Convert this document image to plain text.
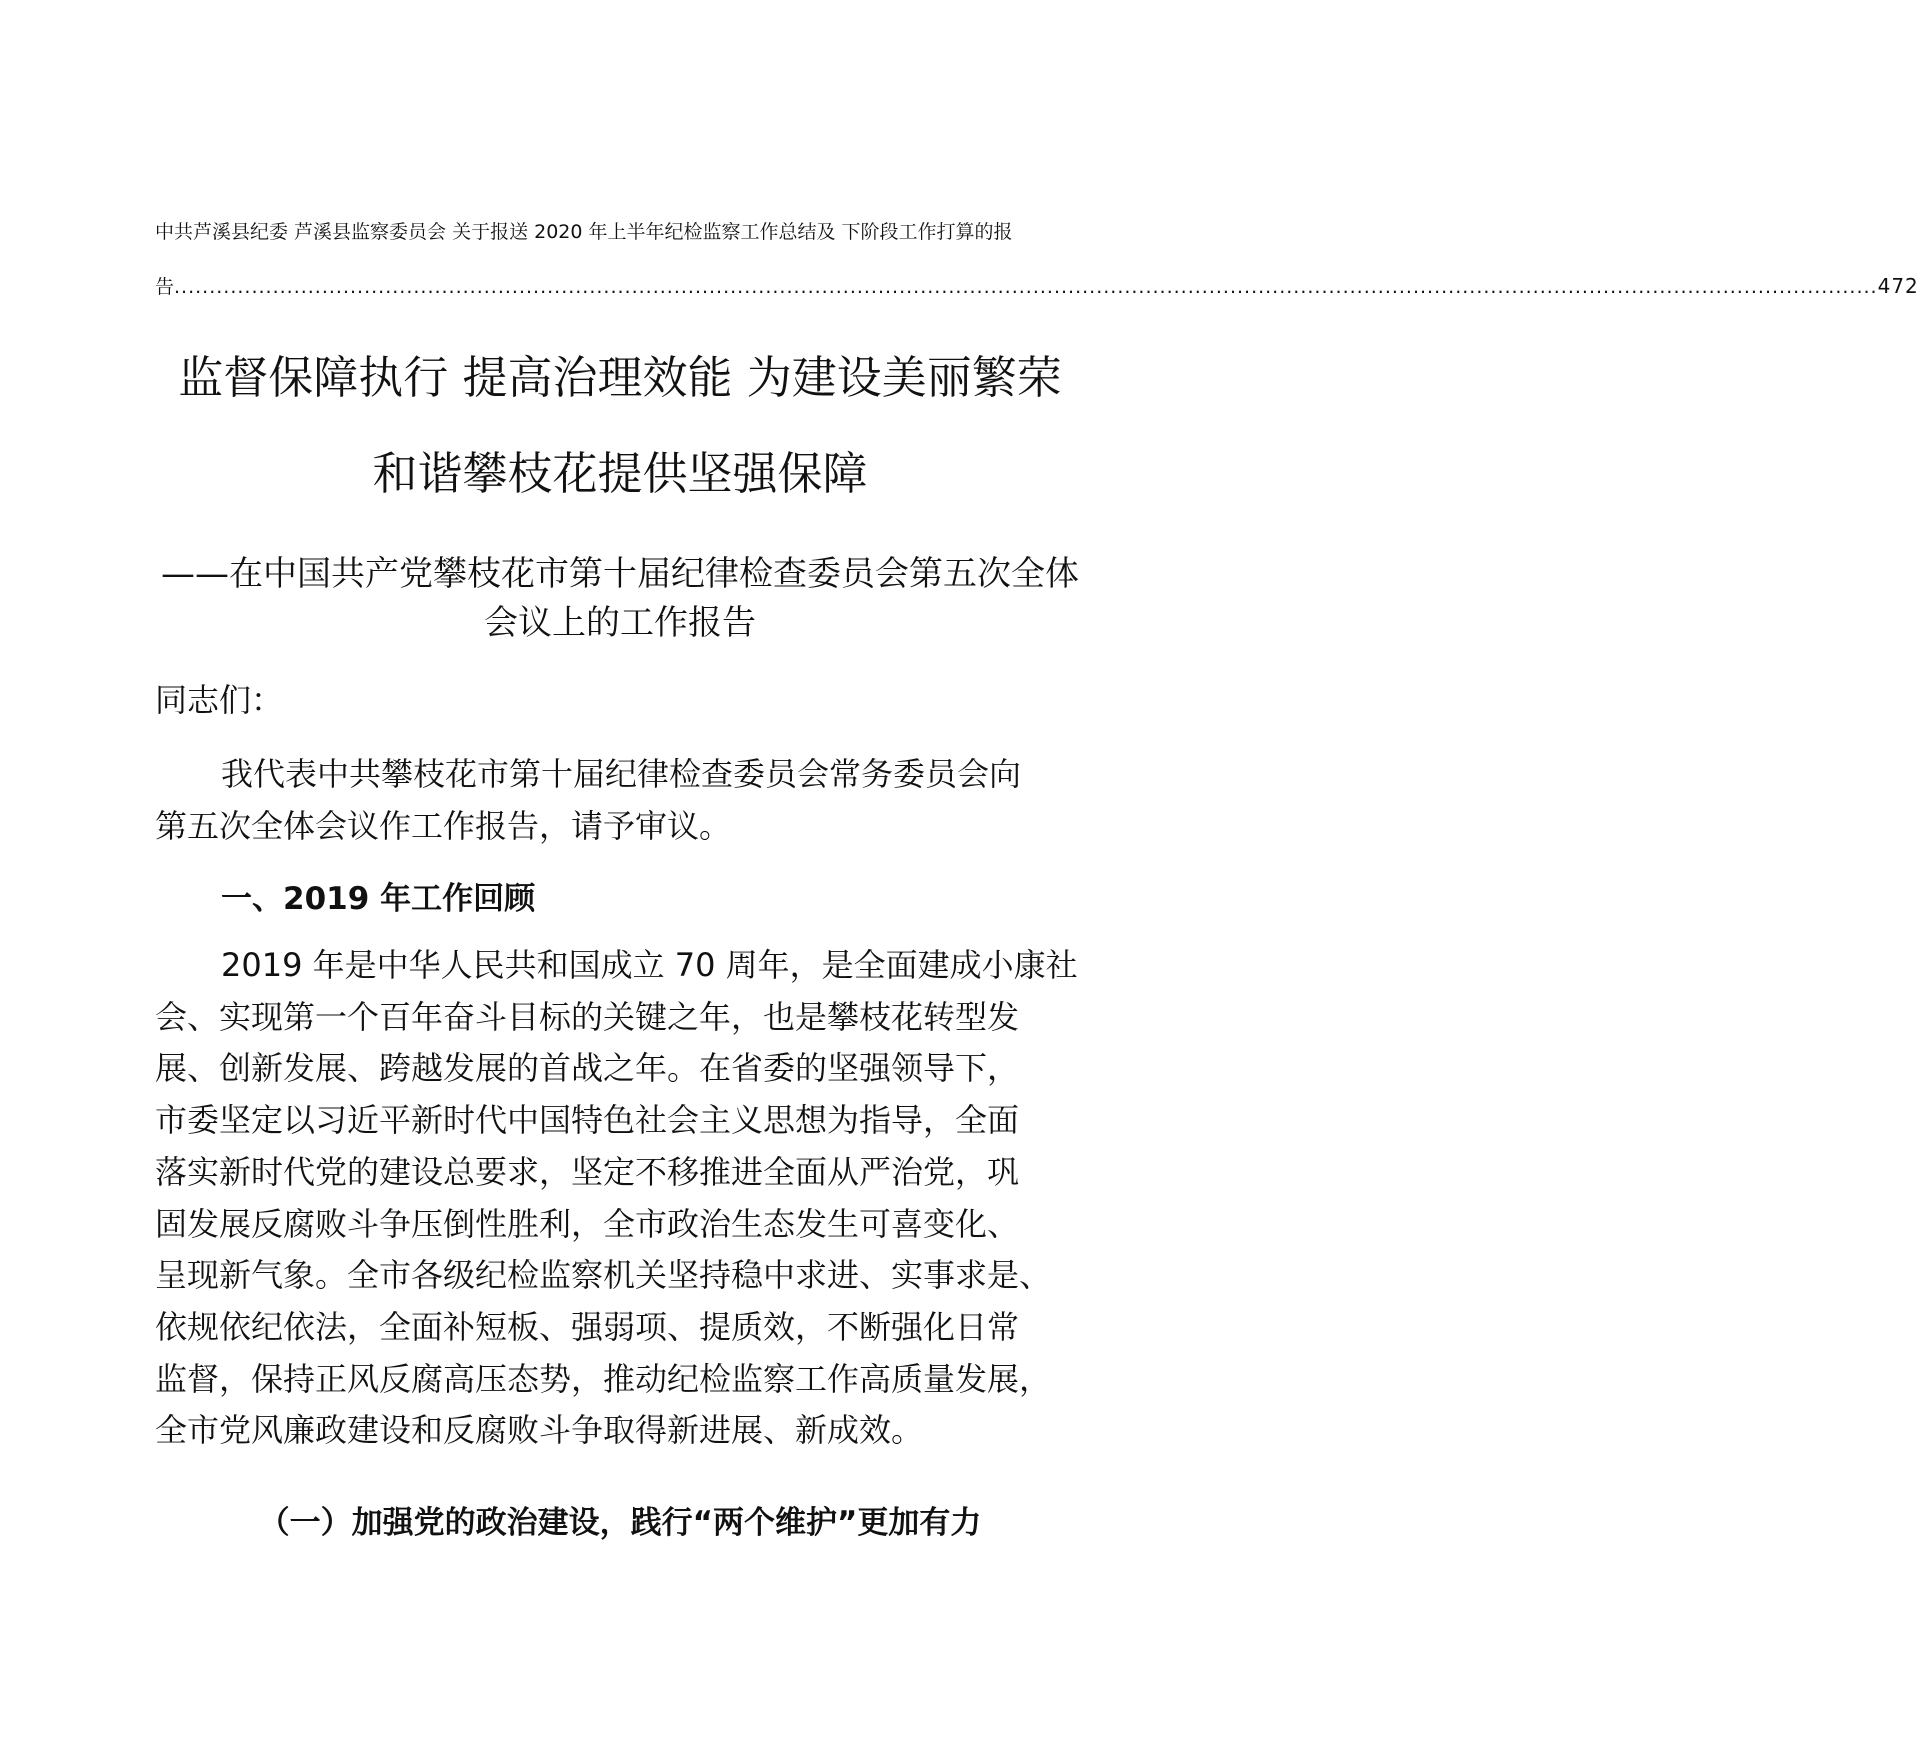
中共芦溪县纪委 芦溪县监察委员会 关于报送 2020 年上半年纪检监察工作总结及 下阶段工作打算的报
告 .................................................................................................................................................................................................................................................. 472
监督保障执行 提高治理效能 为建设美丽繁荣
和谐攀枝花提供坚强保障
——在中国共产党攀枝花市第十届纪律检查委员会第五次全体
会议上的工作报告
同志们：
我代表中共攀枝花市第十届纪律检查委员会常务委员会向
第五次全体会议作工作报告，请予审议。
一、2019 年工作回顾
2019 年是中华人民共和国成立 70 周年，是全面建成小康社
会、实现第一个百年奋斗目标的关键之年，也是攀枝花转型发
展、创新发展、跨越发展的首战之年。在省委的坚强领导下，
市委坚定以习近平新时代中国特色社会主义思想为指导，全面
落实新时代党的建设总要求，坚定不移推进全面从严治党，巩
固发展反腐败斗争压倒性胜利，全市政治生态发生可喜变化、
呈现新气象。全市各级纪检监察机关坚持稳中求进、实事求是、
依规依纪依法，全面补短板、强弱项、提质效，不断强化日常
监督，保持正风反腐高压态势，推动纪检监察工作高质量发展，
全市党风廉政建设和反腐败斗争取得新进展、新成效。
（一）加强党的政治建设，践行“两个维护”更加有力
